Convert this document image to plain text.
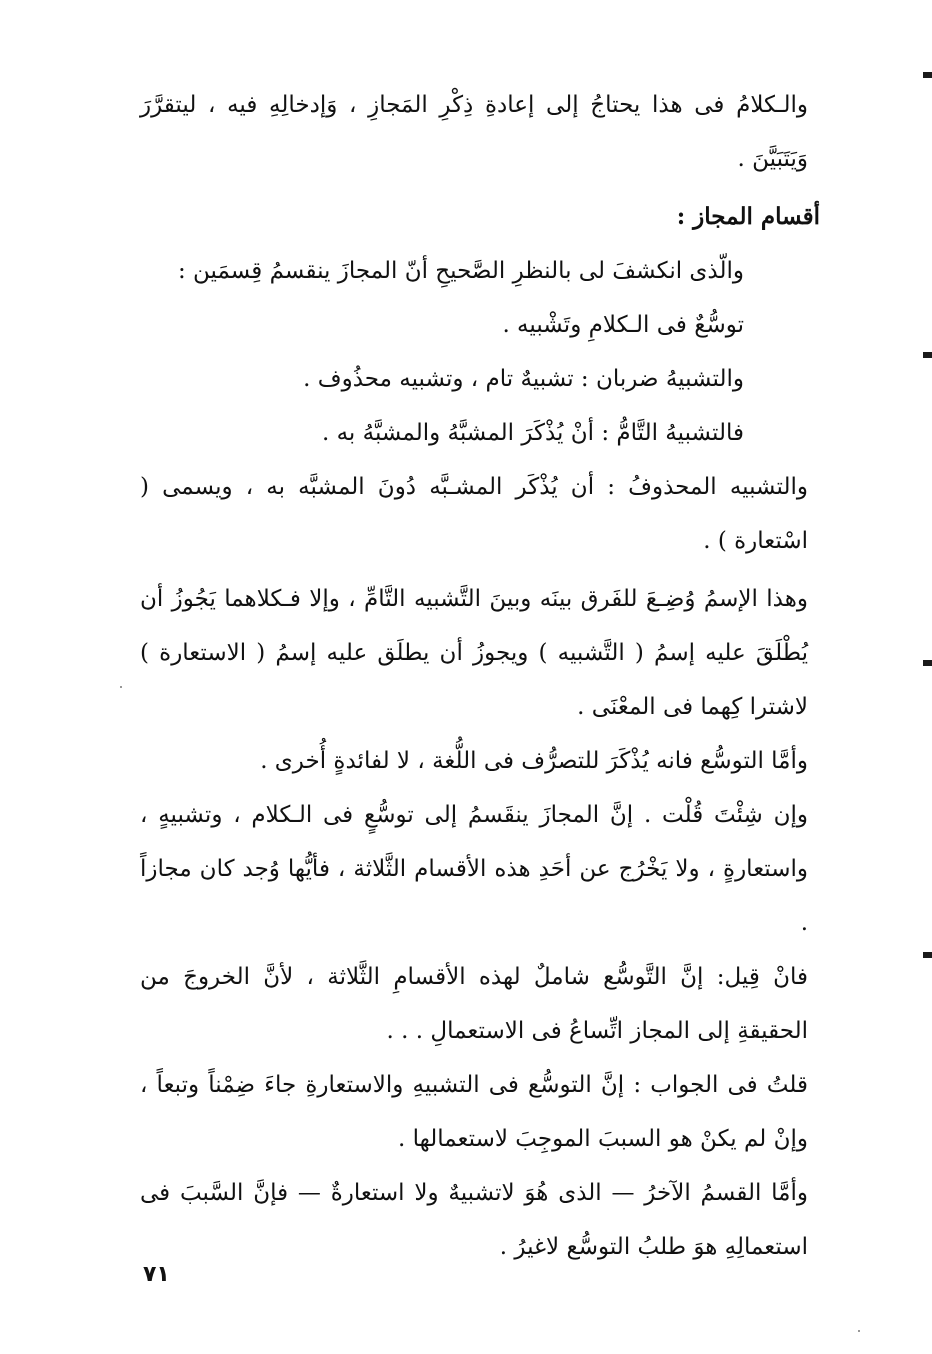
والـكلامُ فى هذا يحتاجُ إلى إعادةِ ذِكْرِ المَجازِ ، وَإدخالِهِ فيه ، ليتقرَّرَ وَيَتَبَيَّنَ .

أقسام المجاز :

والّذى انكشفَ لى بالنظرِ الصَّحيحِ أنّ المجازَ ينقسمُ قِسمَين :

توسُّعٌ فى الـكلامِ وتَشْبيه .

والتشبيهُ ضربان : تشبيهٌ تام ، وتشبيه محذُوف .

فالتشبيهُ التَّامُّ : أنْ يُذْكَرَ المشبَّهُ والمشبَّهُ به .

والتشبيه المحذوفُ : أن يُذْكَر المشـبَّه دُونَ المشبَّه به ، ويسمى ( اسْتعارة ) .

وهذا الإسمُ وُضِـعَ للفَرق بينَه وبينَ التَّشبيه التَّامِّ ، وإلا فـكلاهما يَجُوزُ أن يُطْلَقَ عليه إسمُ ( التَّشبيه ) ويجوزُ أن يطلَق عليه إسمُ ( الاستعارة ) لاشترا كِهما فى المعْنَى .

وأمَّا التوسُّع فانه يُذْكَرَ للتصرُّف فى اللُّغة ، لا لفائدةٍ أُخرى .

وإن شِئْتَ قُلْت . إنَّ المجازَ ينقَسمُ إلى توسُّعٍ فى الـكلام ، وتشبيهٍ ، واستعارةٍ ، ولا يَخْرُج عن أحَدِ هذه الأقسام الثَّلاثة ، فأيُّها وُجد كان مجازاً .

فانْ قِيل: إنَّ التَّوسُّع شاملٌ لهذه الأقسامِ الثَّلاثة ، لأنَّ الخروجَ من الحقيقةِ إلى المجاز اتِّساعُ فى الاستعمالِ . . .

قلتُ فى الجواب : إنَّ التوسُّع فى التشبيهِ والاستعارةِ جاءَ ضِمْناً وتبعاً ، وإنْ لم يكنْ هو السببَ الموجِبَ لاستعمالها .

وأمَّا القسمُ الآخرُ — الذى هُوَ لاتشبيهٌ ولا استعارةٌ — فإنَّ السَّببَ فى استعمالِهِ هوَ طلبُ التوسُّع لاغيرُ .

٧١
